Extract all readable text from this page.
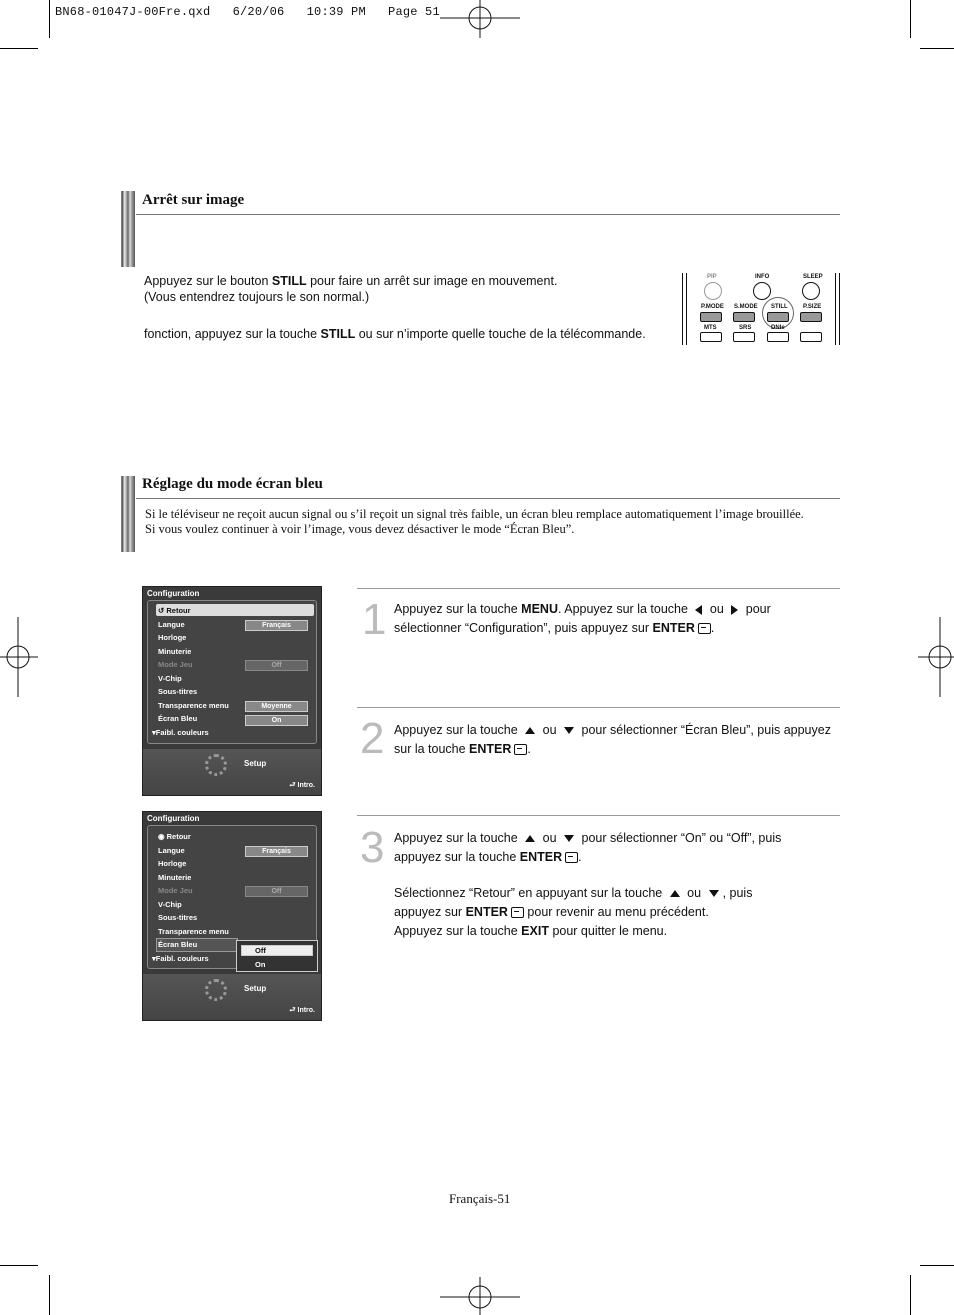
BN68-01047J-00Fre.qxd   6/20/06   10:39 PM   Page 51
Arrêt sur image
Appuyez sur le bouton STILL pour faire un arrêt sur image en mouvement.
(Vous entendrez toujours le son normal.)
fonction, appuyez sur la touche STILL ou sur n’importe quelle touche de la télécommande.
PIP	INFO	SLEEP
P.MODE S.MODE STILL	P.SIZE
MTS	SRS	DNIe
Réglage du mode écran bleu
Si le téléviseur ne reçoit aucun signal ou s’il reçoit un signal très faible, un écran bleu remplace automatiquement l’image brouillée.
Si vous voulez continuer à voir l’image, vous devez désactiver le mode “Écran Bleu”.
Configuration
↺ Retour
Langue	Français
Horloge
Minuterie
Mode Jeu	Off
V-Chip
Sous-titres
Transparence menu	Moyenne
Écran Bleu	On
▾Faibl. couleurs
Setup
⮐ Intro.
Configuration
◉ Retour
Langue	Français
Horloge
Minuterie
Mode Jeu	Off
V-Chip
Sous-titres
Transparence menu
Écran Bleu
▾Faibl. couleurs
Off
On
Setup
⮐ Intro.
1 Appuyez sur la touche MENU. Appuyez sur la touche  ou  pour
sélectionner “Configuration”, puis appuyez sur ENTER .
2 Appuyez sur la touche  ou  pour sélectionner “Écran Bleu”, puis appuyez
sur la touche ENTER .
3 Appuyez sur la touche  ou  pour sélectionner “On” ou “Off”, puis
appuyez sur la touche ENTER .
Sélectionnez “Retour” en appuyant sur la touche  ou , puis
appuyez sur ENTER pour revenir au menu précédent.
Appuyez sur la touche EXIT pour quitter le menu.
Français-51
